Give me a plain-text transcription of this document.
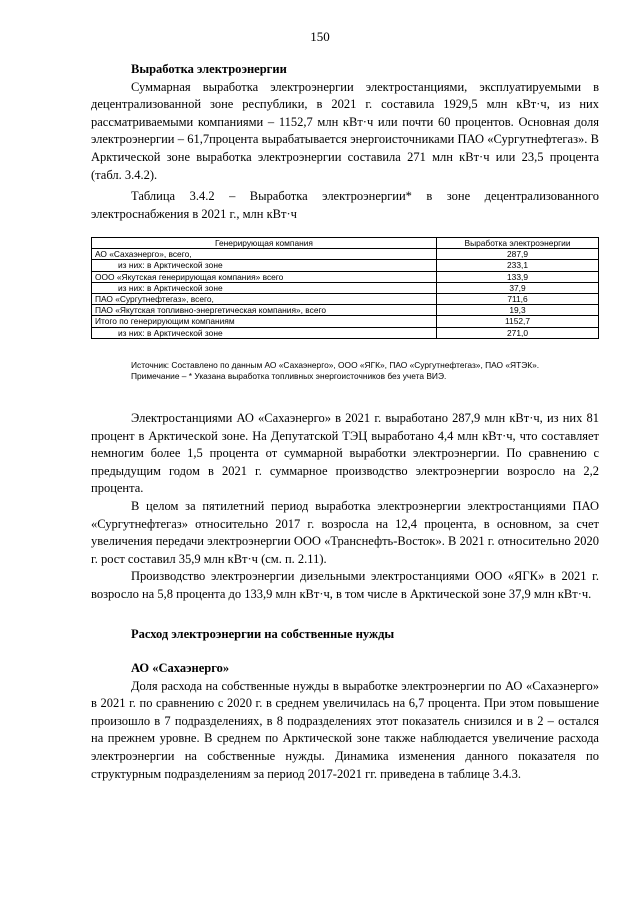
150

Выработка электроэнергии

Суммарная выработка электроэнергии электростанциями, эксплуатируемыми в децентрализованной зоне республики, в 2021 г. составила 1929,5 млн кВт·ч, из них рассматриваемыми компаниями – 1152,7 млн кВт·ч или почти 60 процентов. Основная доля электроэнергии – 61,7процента вырабатывается энергоисточниками ПАО «Сургутнефтегаз». В Арктической зоне выработка электроэнергии составила 271 млн кВт·ч или 23,5 процента (табл. 3.4.2).

Таблица 3.4.2 – Выработка электроэнергии* в зоне децентрализованного электроснабжения в 2021 г., млн кВт·ч

Генерирующая компания	Выработка электроэнергии
АО «Сахаэнерго», всего,	287,9
из них: в Арктической зоне	233,1
ООО «Якутская генерирующая компания» всего	133,9
из них: в Арктической зоне	37,9
ПАО «Сургутнефтегаз», всего,	711,6
ПАО «Якутская топливно-энергетическая компания», всего	19,3
Итого по генерирующим компаниям	1152,7
из них: в Арктической зоне	271,0

Источник: Составлено по данным АО «Сахаэнерго», ООО «ЯГК», ПАО «Сургутнефтегаз», ПАО «ЯТЭК».

Примечание – * Указана выработка топливных энергоисточников без учета ВИЭ.

Электростанциями АО «Сахаэнерго» в 2021 г. выработано 287,9 млн кВт·ч, из них 81 процент в Арктической зоне. На Депутатской ТЭЦ выработано 4,4 млн кВт·ч, что составляет немногим более 1,5 процента от суммарной выработки электроэнергии. По сравнению с предыдущим годом в 2021 г. суммарное производство электроэнергии возросло на 2,2 процента.

В целом за пятилетний период выработка электроэнергии электростанциями ПАО «Сургутнефтегаз» относительно 2017 г. возросла на 12,4 процента, в основном, за счет увеличения передачи электроэнергии ООО «Транснефть-Восток». В 2021 г. относительно 2020 г. рост составил 35,9 млн кВт·ч (см. п. 2.11).

Производство электроэнергии дизельными электростанциями ООО «ЯГК» в 2021 г. возросло на 5,8 процента до 133,9 млн кВт·ч, в том числе в Арктической зоне 37,9 млн кВт·ч.

Расход электроэнергии на собственные нужды

АО «Сахаэнерго»

Доля расхода на собственные нужды в выработке электроэнергии по АО «Сахаэнерго» в 2021 г. по сравнению с 2020 г. в среднем увеличилась на 6,7 процента. При этом повышение произошло в 7 подразделениях, в 8 подразделениях этот показатель снизился и в 2 – остался на прежнем уровне. В среднем по Арктической зоне также наблюдается увеличение расхода электроэнергии на собственные нужды. Динамика изменения данного показателя по структурным подразделениям за период 2017-2021 гг. приведена в таблице 3.4.3.
